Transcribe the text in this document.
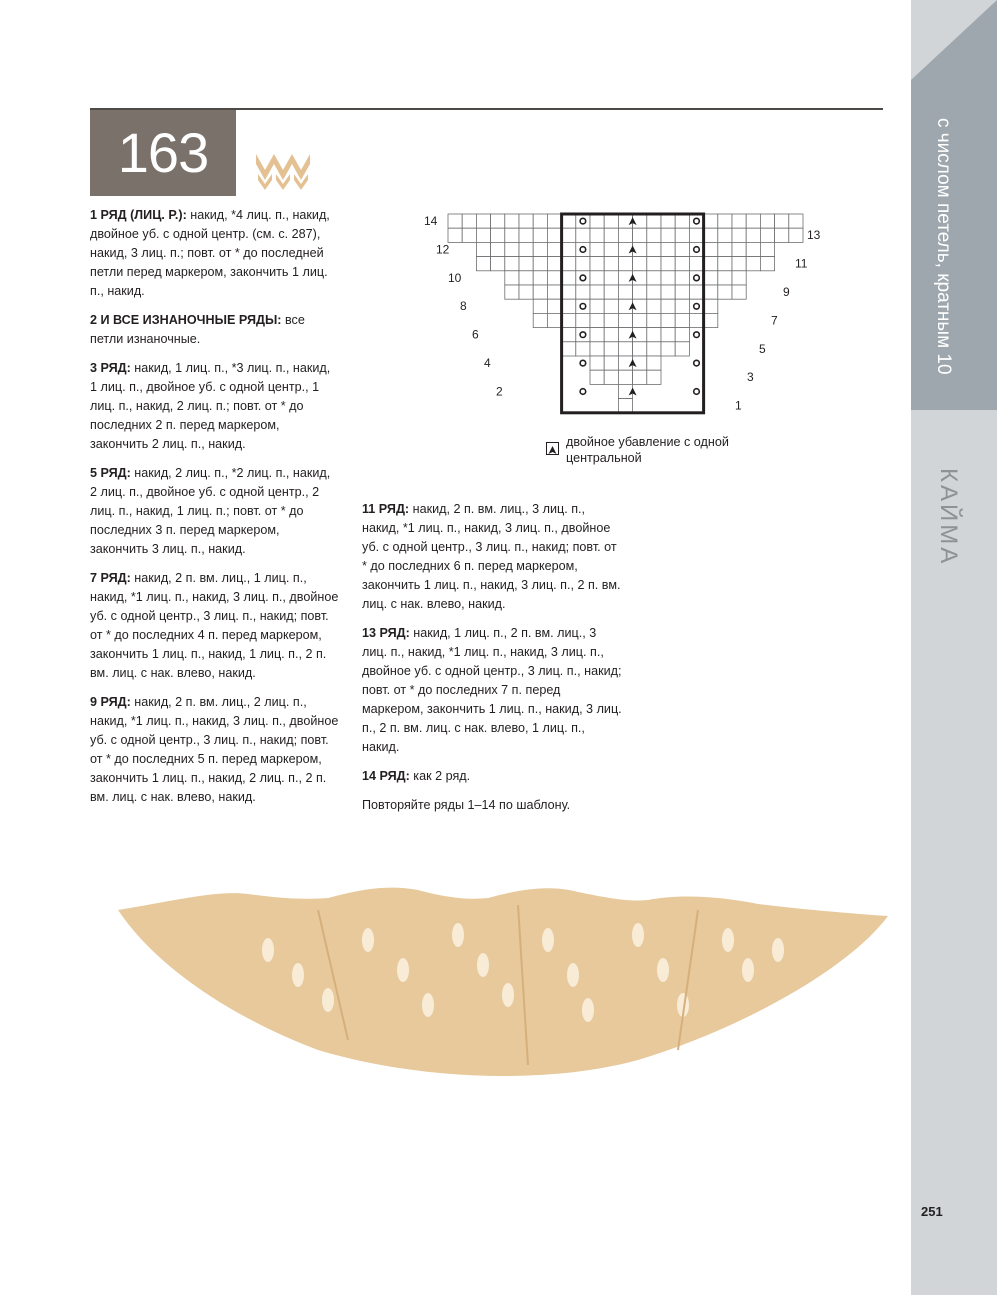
163

1 РЯД (ЛИЦ. Р.): накид, *4 лиц. п., накид, двойное уб. с одной центр. (см. с. 287), накид, 3 лиц. п.; повт. от * до последней петли перед маркером, закончить 1 лиц. п., накид.

2 И ВСЕ ИЗНАНОЧНЫЕ РЯДЫ: все петли изнаночные.

3 РЯД: накид, 1 лиц. п., *3 лиц. п., накид, 1 лиц. п., двойное уб. с одной центр., 1 лиц. п., накид, 2 лиц. п.; повт. от * до последних 2 п. перед маркером, закончить 2 лиц. п., накид.

5 РЯД: накид, 2 лиц. п., *2 лиц. п., накид, 2 лиц. п., двойное уб. с одной центр., 2 лиц. п., накид, 1 лиц. п.; повт. от * до последних 3 п. перед маркером, закончить 3 лиц. п., накид.

7 РЯД: накид, 2 п. вм. лиц., 1 лиц. п., накид, *1 лиц. п., накид, 3 лиц. п., двойное уб. с одной центр., 3 лиц. п., накид; повт. от * до последних 4 п. перед маркером, закончить 1 лиц. п., накид, 1 лиц. п., 2 п. вм. лиц. с нак. влево, накид.

9 РЯД: накид, 2 п. вм. лиц., 2 лиц. п., накид, *1 лиц. п., накид, 3 лиц. п., двойное уб. с одной центр., 3 лиц. п., накид; повт. от * до последних 5 п. перед маркером, закончить 1 лиц. п., накид, 2 лиц. п., 2 п. вм. лиц. с нак. влево, накид.

11 РЯД: накид, 2 п. вм. лиц., 3 лиц. п., накид, *1 лиц. п., накид, 3 лиц. п., двойное уб. с одной центр., 3 лиц. п., накид; повт. от * до последних 6 п. перед маркером, закончить 1 лиц. п., накид, 3 лиц. п., 2 п. вм. лиц. с нак. влево, накид.

13 РЯД: накид, 1 лиц. п., 2 п. вм. лиц., 3 лиц. п., накид, *1 лиц. п., накид, 3 лиц. п., двойное уб. с одной центр., 3 лиц. п., накид; повт. от * до последних 7 п. перед маркером, закончить 1 лиц. п., накид, 3 лиц. п., 2 п. вм. лиц. с нак. влево, 1 лиц. п., накид.

14 РЯД: как 2 ряд.

Повторяйте ряды 1–14 по шаблону.

14
12
10
8
6
4
2
13
11
9
7
5
3
1
двойное убавление с одной центральной
с числом петель, кратным 10
КАЙМА
251
